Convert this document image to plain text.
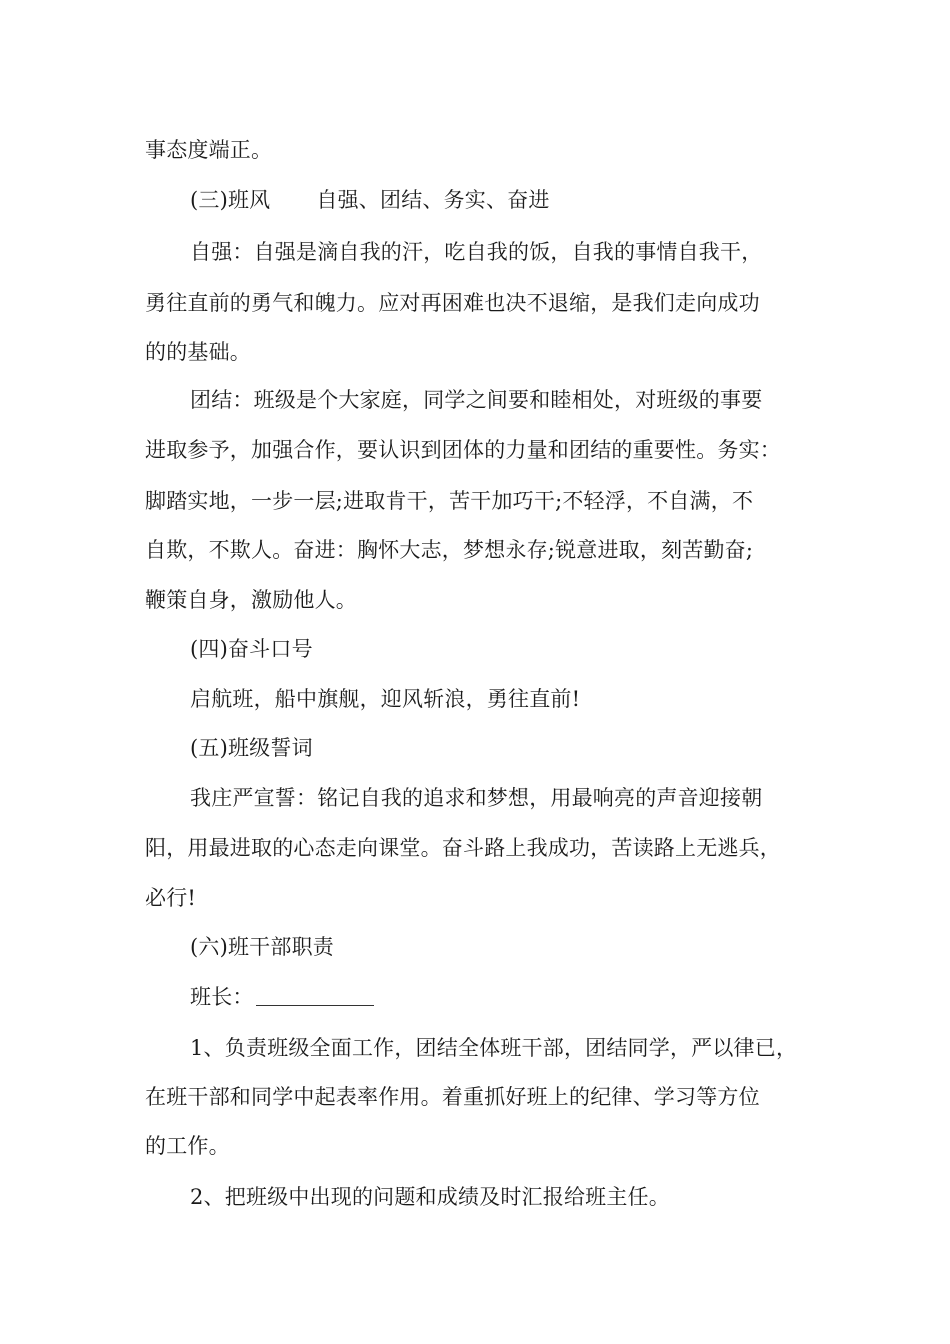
事态度端正。
(三)班风 自强、团结、务实、奋进
自强：自强是滴自我的汗，吃自我的饭，自我的事情自我干，
勇往直前的勇气和魄力。应对再困难也决不退缩，是我们走向成功
的的基础。
团结：班级是个大家庭，同学之间要和睦相处，对班级的事要
进取参予，加强合作，要认识到团体的力量和团结的重要性。务实：
脚踏实地，一步一层;进取肯干，苦干加巧干;不轻浮，不自满，不
自欺，不欺人。奋进：胸怀大志，梦想永存;锐意进取，刻苦勤奋;
鞭策自身，激励他人。
(四)奋斗口号
启航班，船中旗舰，迎风斩浪，勇往直前!
(五)班级誓词
我庄严宣誓：铭记自我的追求和梦想，用最响亮的声音迎接朝
阳，用最进取的心态走向课堂。奋斗路上我成功，苦读路上无逃兵，
必行!
(六)班干部职责
班长：
1、负责班级全面工作，团结全体班干部，团结同学，严以律已，
在班干部和同学中起表率作用。着重抓好班上的纪律、学习等方位
的工作。
2、把班级中出现的问题和成绩及时汇报给班主任。
